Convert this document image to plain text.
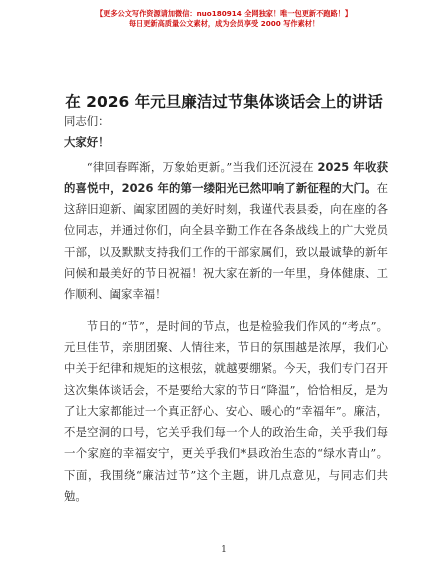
【更多公文写作资源请加微信：nuo180914 全网独家！唯一包更新不跑路！】
每日更新高质量公文素材，成为会员享受 2000 写作素材！
在 2026 年元旦廉洁过节集体谈话会上的讲话

同志们：

大家好！

“律回春晖渐，万象始更新。”当我们还沉浸在 2025 年收获的喜悦中，2026 年的第一缕阳光已然叩响了新征程的大门。在这辞旧迎新、阖家团圆的美好时刻，我谨代表县委，向在座的各位同志，并通过你们，向全县辛勤工作在各条战线上的广大党员干部，以及默默支持我们工作的干部家属们，致以最诚挚的新年问候和最美好的节日祝福！祝大家在新的一年里，身体健康、工作顺利、阖家幸福！

节日的“节”，是时间的节点，也是检验我们作风的“考点”。元旦佳节，亲朋团聚、人情往来，节日的氛围越是浓厚，我们心中关于纪律和规矩的这根弦，就越要绷紧。今天，我们专门召开这次集体谈话会，不是要给大家的节日“降温”，恰恰相反，是为了让大家都能过一个真正舒心、安心、暖心的“幸福年”。廉洁，不是空洞的口号，它关乎我们每一个人的政治生命，关乎我们每一个家庭的幸福安宁，更关乎我们*县政治生态的“绿水青山”。下面，我围绕“廉洁过节”这个主题，讲几点意见，与同志们共勉。

1
